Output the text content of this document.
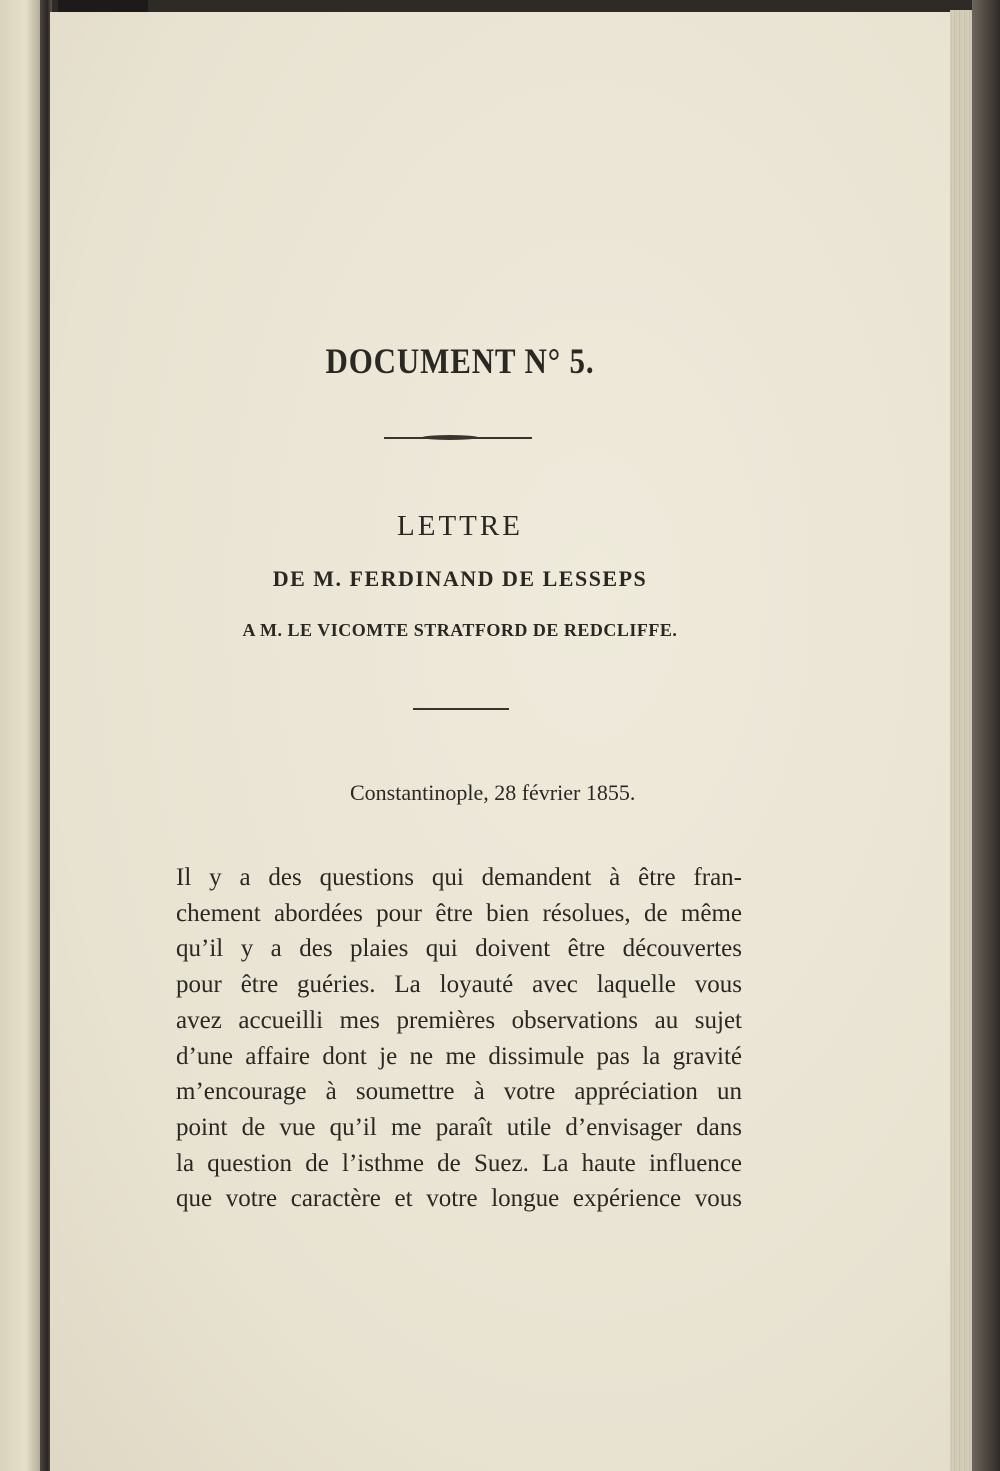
DOCUMENT N° 5.
LETTRE
DE M. FERDINAND DE LESSEPS
A M. LE VICOMTE STRATFORD DE REDCLIFFE.
Constantinople, 28 février 1855.
Il y a des questions qui demandent à être fran-
chement abordées pour être bien résolues, de même
qu’il y a des plaies qui doivent être découvertes
pour être guéries. La loyauté avec laquelle vous
avez accueilli mes premières observations au sujet
d’une affaire dont je ne me dissimule pas la gravité
m’encourage à soumettre à votre appréciation un
point de vue qu’il me paraît utile d’envisager dans
la question de l’isthme de Suez. La haute influence
que votre caractère et votre longue expérience vous
